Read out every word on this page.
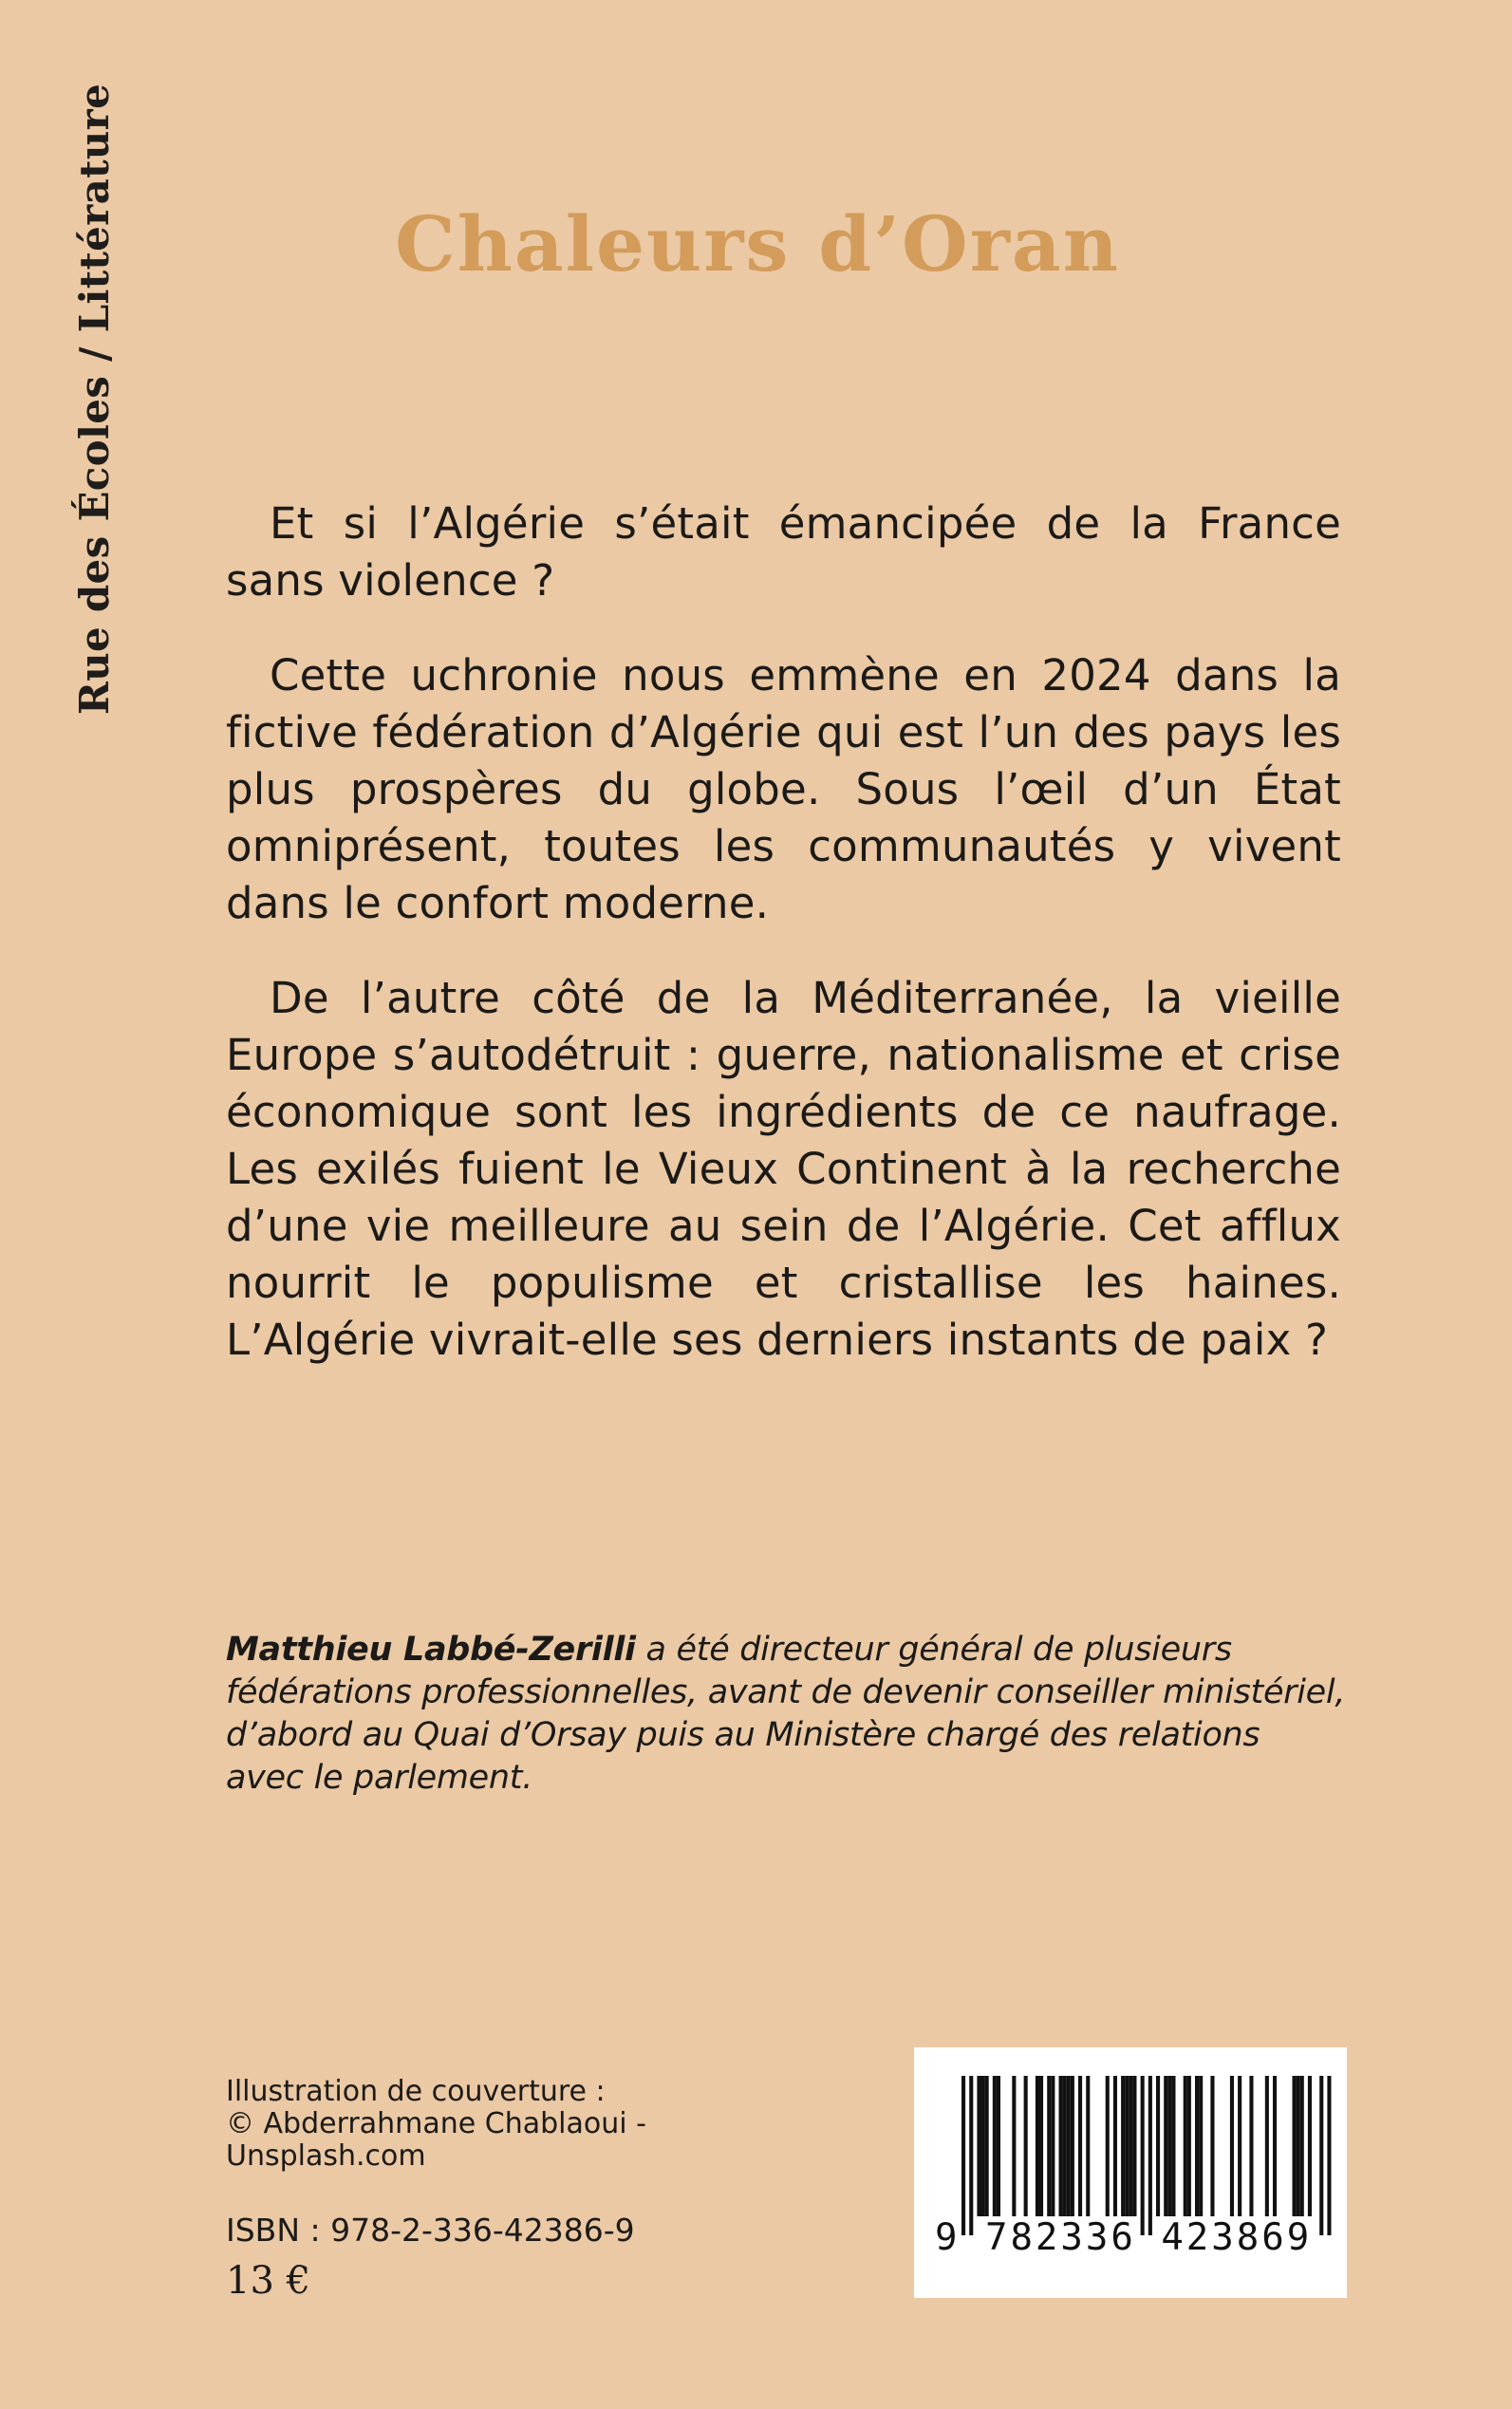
Rue des Écoles / Littérature	Chaleurs d’Oran

Et si l’Algérie s’était émancipée de la France sans violence ?

Cette uchronie nous emmène en 2024 dans la fictive fédération d’Algérie qui est l’un des pays les plus prospères du globe. Sous l’œil d’un État omniprésent, toutes les communautés y vivent dans le confort moderne.

De l’autre côté de la Méditerranée, la vieille Europe s’autodétruit : guerre, nationalisme et crise économique sont les ingrédients de ce naufrage. Les exilés fuient le Vieux Continent à la recherche d’une vie meilleure au sein de l’Algérie. Cet afflux nourrit le populisme et cristallise les haines. L’Algérie vivrait-elle ses derniers instants de paix ?

Matthieu Labbé-Zerilli a été directeur général de plusieurs fédérations professionnelles, avant de devenir conseiller ministériel, d’abord au Quai d’Orsay puis au Ministère chargé des relations avec le parlement.

Illustration de couverture :
© Abderrahmane Chablaoui -
Unsplash.com

ISBN : 978-2-336-42386-9

13 €

9 782336 423869
